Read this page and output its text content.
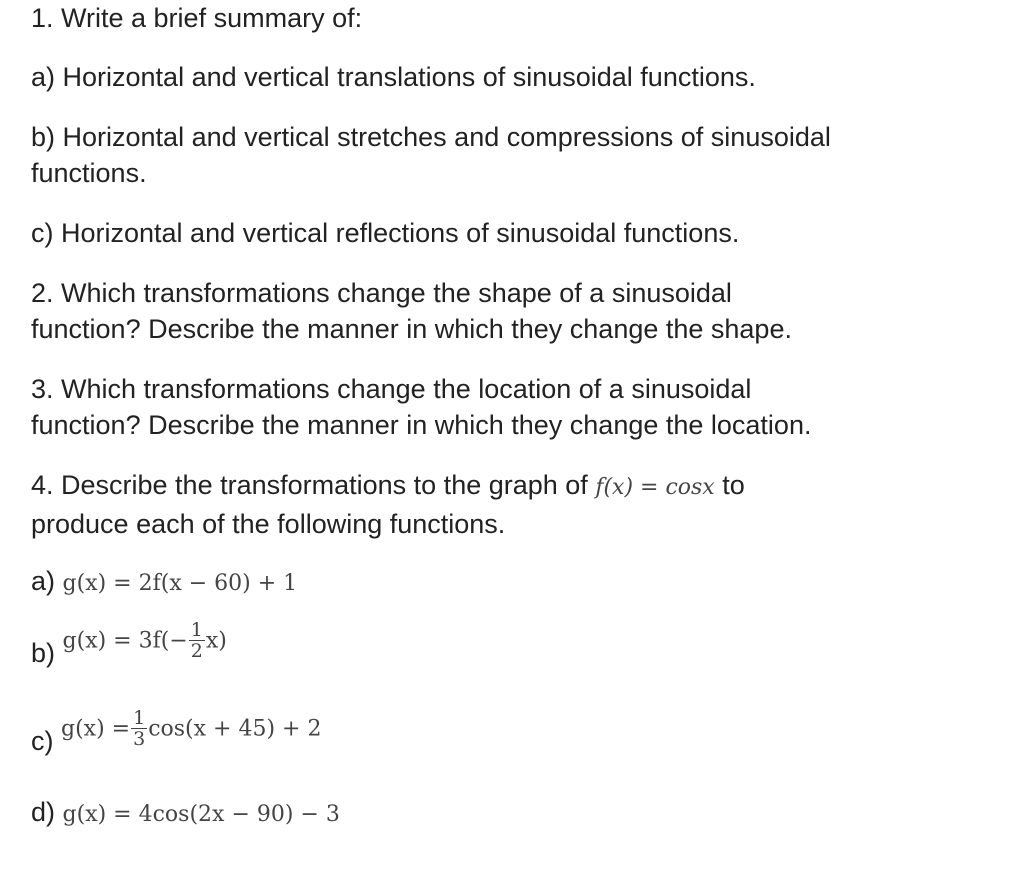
1. Write a brief summary of:

a) Horizontal and vertical translations of sinusoidal functions.

b) Horizontal and vertical stretches and compressions of sinusoidal
functions.

c) Horizontal and vertical reflections of sinusoidal functions.

2. Which transformations change the shape of a sinusoidal
function? Describe the manner in which they change the shape.

3. Which transformations change the location of a sinusoidal
function? Describe the manner in which they change the location.

4. Describe the transformations to the graph of f(x) = cosx to
produce each of the following functions.

a) g(x) = 2f(x − 60) + 1

b) $g(x) = 3f(- \frac{1}{2} x)$

c) $g(x) = \frac{1}{3} \cos(x + 45) + 2$

d) g(x) = 4cos(2x − 90) − 3
